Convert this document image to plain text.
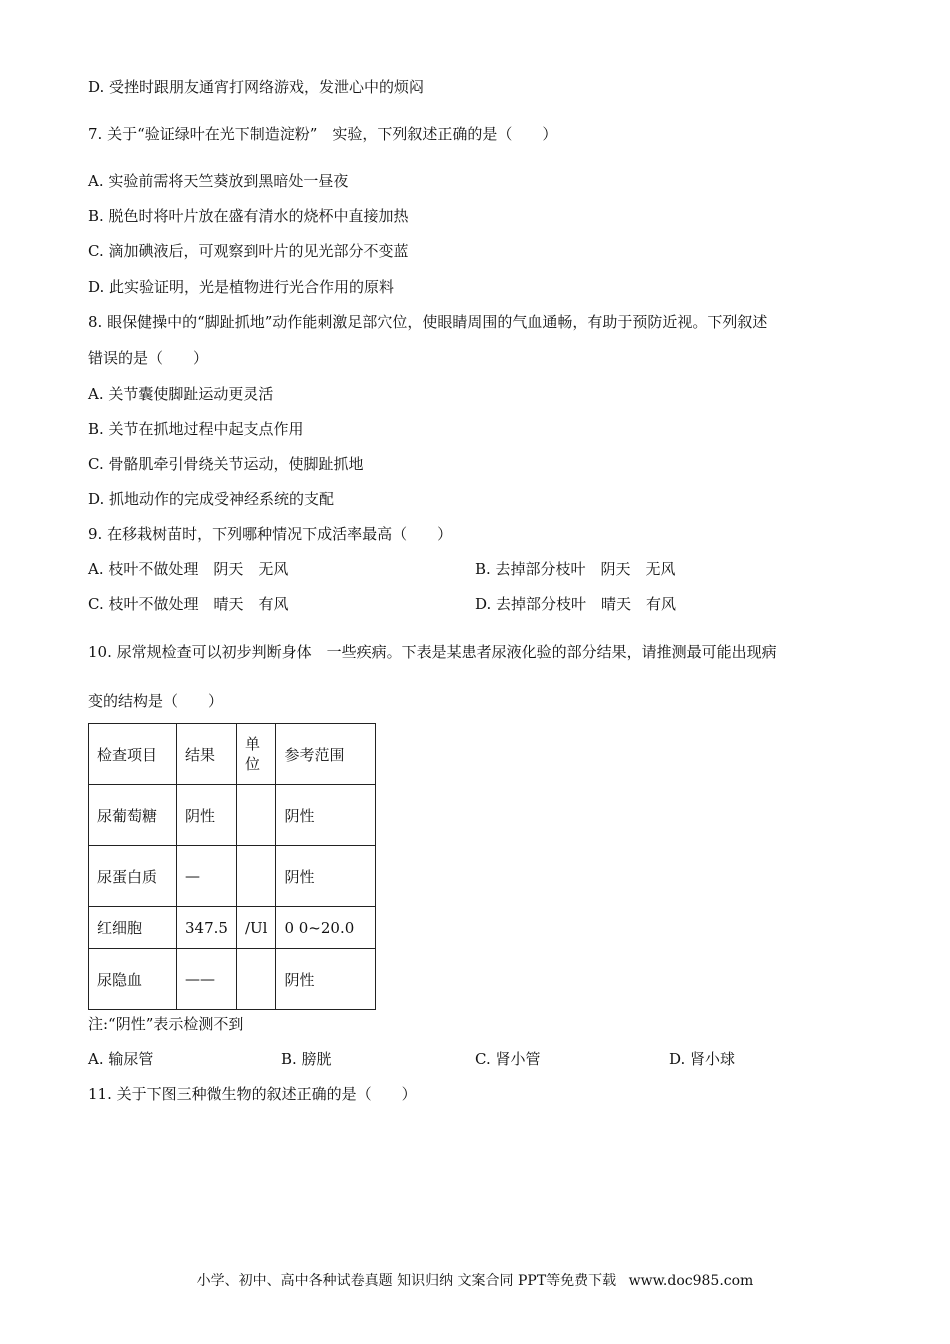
D. 受挫时跟朋友通宵打网络游戏，发泄心中的烦闷
7. 关于“验证绿叶在光下制造淀粉”　实验，下列叙述正确的是（　　）
A. 实验前需将天竺葵放到黑暗处一昼夜
B. 脱色时将叶片放在盛有清水的烧杯中直接加热
C. 滴加碘液后，可观察到叶片的见光部分不变蓝
D. 此实验证明，光是植物进行光合作用的原料
8. 眼保健操中的“脚趾抓地”动作能刺激足部穴位，使眼睛周围的气血通畅，有助于预防近视。下列叙述
错误的是（　　）
A. 关节囊使脚趾运动更灵活
B. 关节在抓地过程中起支点作用
C. 骨骼肌牵引骨绕关节运动，使脚趾抓地
D. 抓地动作的完成受神经系统的支配
9. 在移栽树苗时，下列哪种情况下成活率最高（　　）
A. 枝叶不做处理　阴天　无风	B. 去掉部分枝叶　阴天　无风
C. 枝叶不做处理　晴天　有风	D. 去掉部分枝叶　晴天　有风
10. 尿常规检查可以初步判断身体　一些疾病。下表是某患者尿液化验的部分结果，请推测最可能出现病
变的结构是（　　）
检查项目	结果	单位	参考范围
尿葡萄糖	阴性		阴性
尿蛋白质	—		阴性
红细胞	347.5	/Ul	0 0~20.0
尿隐血	——		阴性
注:“阴性”表示检测不到
A. 输尿管	B. 膀胱	C. 肾小管	D. 肾小球
11. 关于下图三种微生物的叙述正确的是（　　）
小学、初中、高中各种试卷真题 知识归纳 文案合同 PPT等免费下载 www.doc985.com
